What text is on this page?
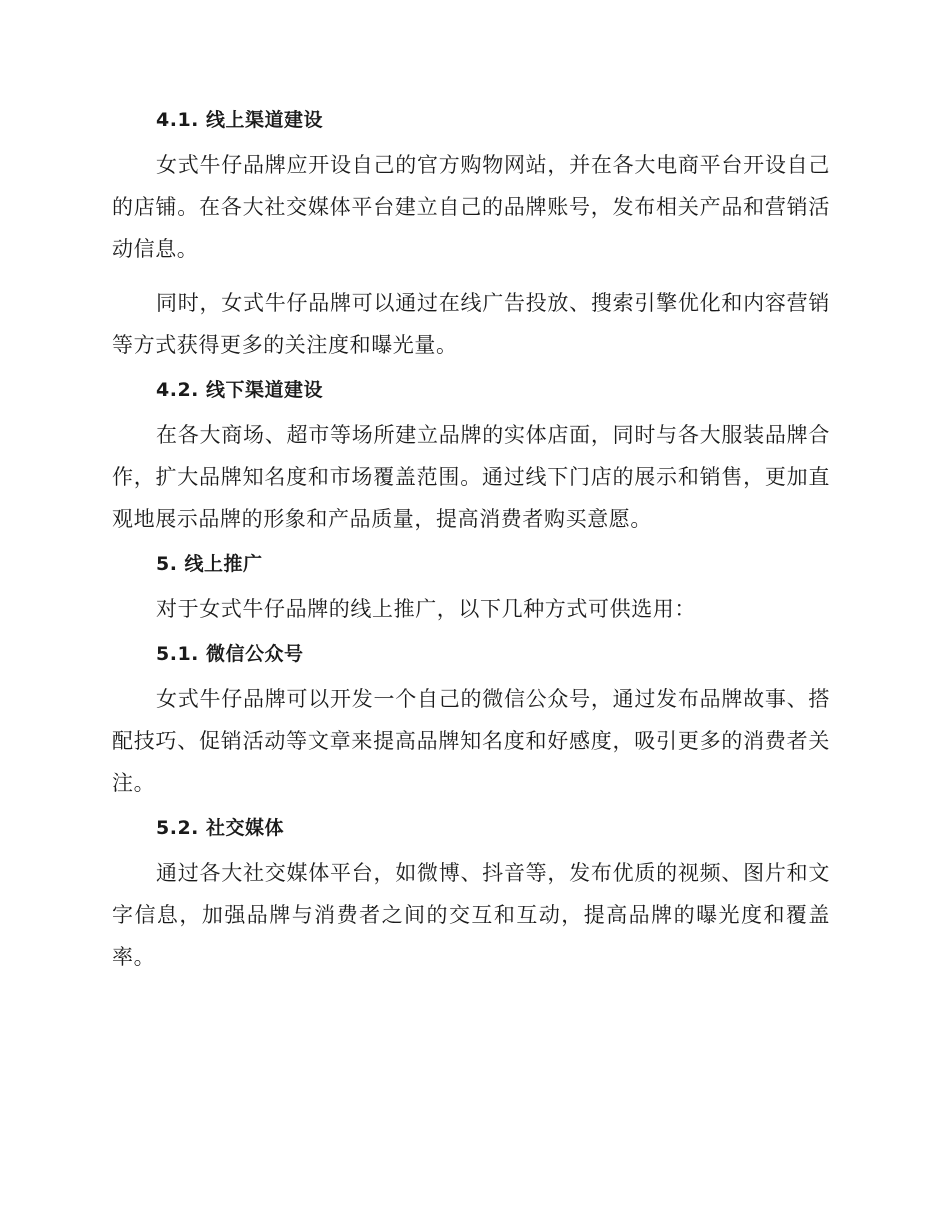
4.1. 线上渠道建设

女式牛仔品牌应开设自己的官方购物网站，并在各大电商平台开设自己的店铺。在各大社交媒体平台建立自己的品牌账号，发布相关产品和营销活动信息。

同时，女式牛仔品牌可以通过在线广告投放、搜索引擎优化和内容营销等方式获得更多的关注度和曝光量。

4.2. 线下渠道建设

在各大商场、超市等场所建立品牌的实体店面，同时与各大服装品牌合作，扩大品牌知名度和市场覆盖范围。通过线下门店的展示和销售，更加直观地展示品牌的形象和产品质量，提高消费者购买意愿。

5. 线上推广

对于女式牛仔品牌的线上推广，以下几种方式可供选用：

5.1. 微信公众号

女式牛仔品牌可以开发一个自己的微信公众号，通过发布品牌故事、搭配技巧、促销活动等文章来提高品牌知名度和好感度，吸引更多的消费者关注。

5.2. 社交媒体

通过各大社交媒体平台，如微博、抖音等，发布优质的视频、图片和文字信息，加强品牌与消费者之间的交互和互动，提高品牌的曝光度和覆盖率。
